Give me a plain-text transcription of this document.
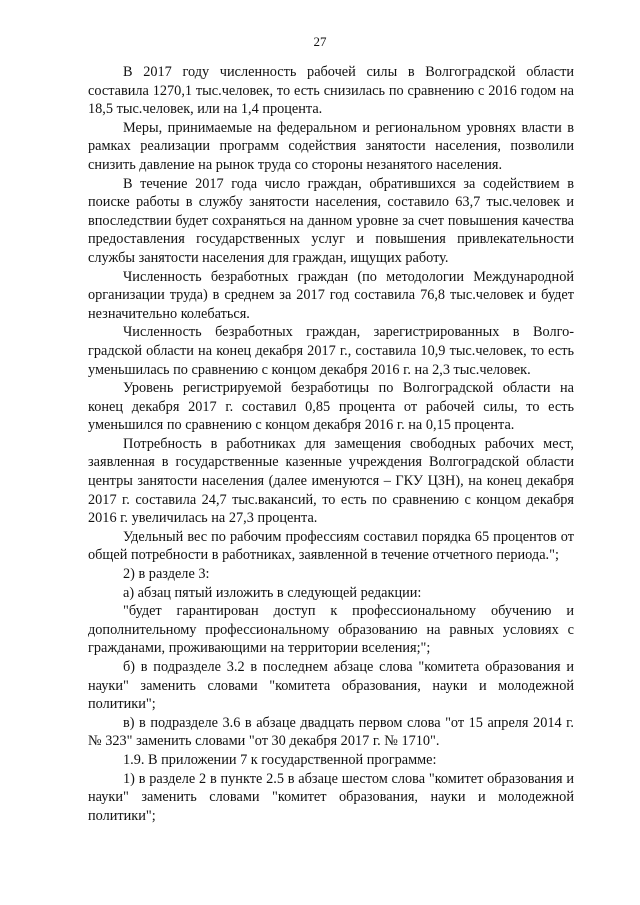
27

В 2017 году численность рабочей силы в Волгоградской области составила 1270,1 тыс.человек, то есть снизилась по сравнению с 2016 годом на 18,5 тыс.человек, или на 1,4 процента.

Меры, принимаемые на федеральном и региональном уровнях власти в рамках реализации программ содействия занятости населения, позволили снизить давление на рынок труда со стороны незанятого населения.

В течение 2017 года число граждан, обратившихся за содействием в поиске работы в службу занятости населения, составило 63,7 тыс.человек и впоследствии будет сохраняться на данном уровне за счет повышения качества предоставления государственных услуг и повышения привлекательности службы занятости населения для граждан, ищущих работу.

Численность безработных граждан (по методологии Международной организации труда) в среднем за 2017 год составила 76,8 тыс.человек и будет незначительно колебаться.

Численность безработных граждан, зарегистрированных в Волго-градской области на конец декабря 2017 г., составила 10,9 тыс.человек, то есть уменьшилась по сравнению с концом декабря 2016 г. на 2,3 тыс.человек.

Уровень регистрируемой безработицы по Волгоградской области на конец декабря 2017 г. составил 0,85 процента от рабочей силы, то есть уменьшился по сравнению с концом декабря 2016 г. на 0,15 процента.

Потребность в работниках для замещения свободных рабочих мест, заявленная в государственные казенные учреждения Волгоградской области центры занятости населения (далее именуются – ГКУ ЦЗН), на конец декабря 2017 г. составила 24,7 тыс.вакансий, то есть по сравнению с концом декабря 2016 г. увеличилась на 27,3 процента.

Удельный вес по рабочим профессиям составил порядка 65 процентов от общей потребности в работниках, заявленной в течение отчетного периода.";

2) в разделе 3:

а) абзац пятый изложить в следующей редакции:

"будет гарантирован доступ к профессиональному обучению и дополнительному профессиональному образованию на равных условиях с гражданами, проживающими на территории вселения;";

б) в подразделе 3.2 в последнем абзаце слова "комитета образования и науки" заменить словами "комитета образования, науки и молодежной политики";

в) в подразделе 3.6 в абзаце двадцать первом слова "от 15 апреля 2014 г. № 323" заменить словами "от 30 декабря 2017 г. № 1710".

1.9. В приложении 7 к государственной программе:

1) в разделе 2 в пункте 2.5 в абзаце шестом слова "комитет образования и науки" заменить словами "комитет образования, науки и молодежной политики";
